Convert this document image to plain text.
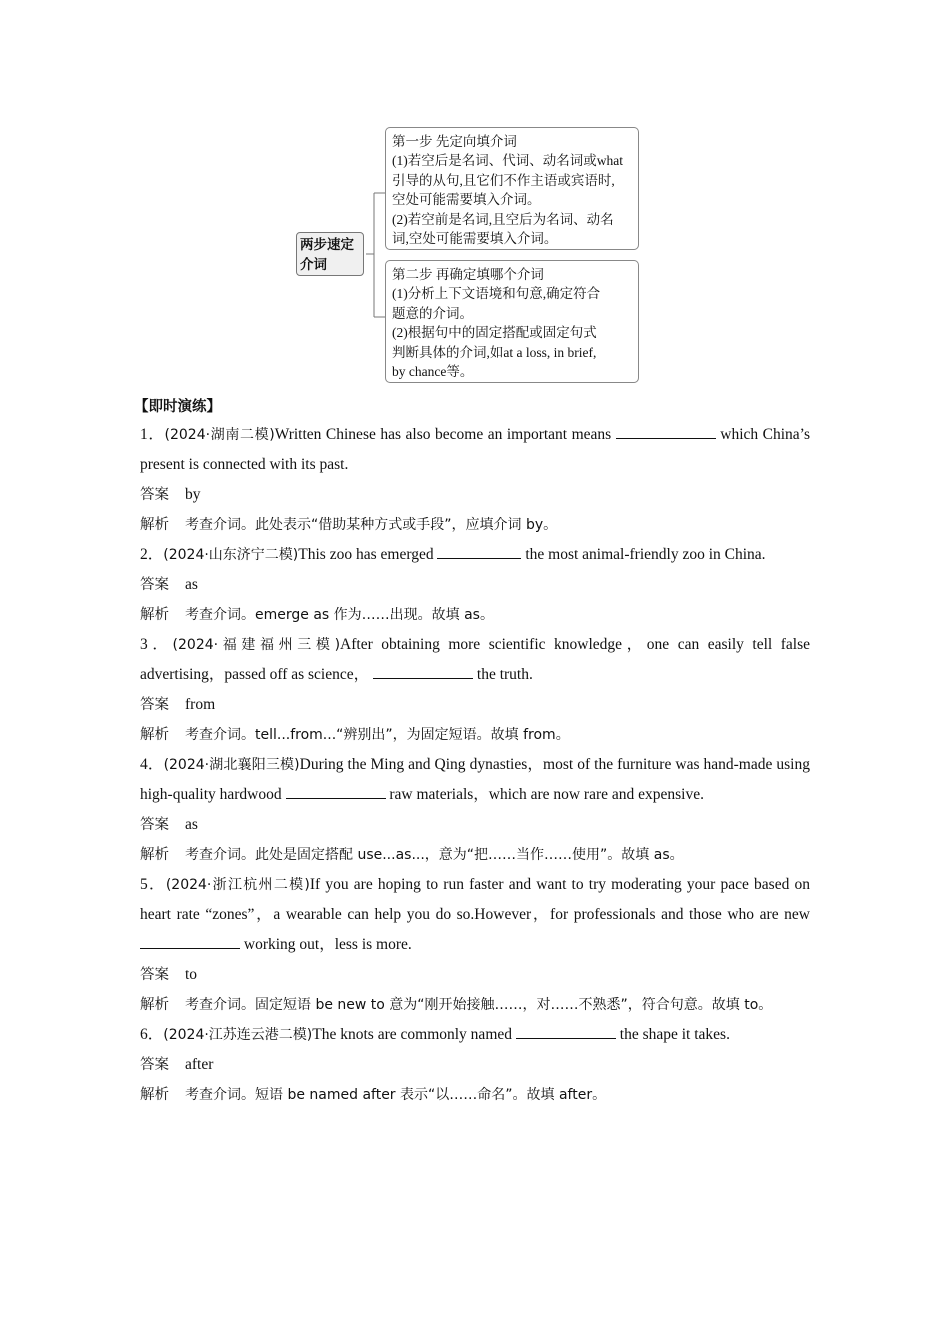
两步速定介词
第一步 先定向填介词
(1)若空后是名词、代词、动名词或what
引导的从句,且它们不作主语或宾语时,
空处可能需要填入介词。
(2)若空前是名词,且空后为名词、动名
词,空处可能需要填入介词。
第二步 再确定填哪个介词
(1)分析上下文语境和句意,确定符合
题意的介词。
(2)根据句中的固定搭配或固定句式
判断具体的介词,如at a loss, in brief,
by chance等。
【即时演练】

1．(2024·湖南二模)Written Chinese has also become an important means	which China’s present is connected with its past.

答案 by

解析 考查介词。此处表示“借助某种方式或手段”，应填介词 by。

2．(2024·山东济宁二模)This zoo has emerged	the most animal-friendly zoo in China.

答案 as

解析 考查介词。emerge as 作为……出现。故填 as。

3．(2024·福建福州三模)After obtaining more scientific knowledge，one can easily tell false advertising，passed off as science，	the truth.

答案 from

解析 考查介词。tell...from...“辨别出”，为固定短语。故填 from。

4．(2024·湖北襄阳三模)During the Ming and Qing dynasties，most of the furniture was hand-made using high-quality hardwood	raw materials，which are now rare and expensive.

答案 as

解析 考查介词。此处是固定搭配 use...as...，意为“把……当作……使用”。故填 as。

5．(2024·浙江杭州二模)If you are hoping to run faster and want to try moderating your pace based on heart rate “zones”，a wearable can help you do so.However，for professionals and those who are new  working out，less is more.

答案 to

解析 考查介词。固定短语 be new to 意为“刚开始接触……，对……不熟悉”，符合句意。故填 to。

6．(2024·江苏连云港二模)The knots are commonly named	the shape it takes.

答案 after

解析 考查介词。短语 be named after 表示“以……命名”。故填 after。
